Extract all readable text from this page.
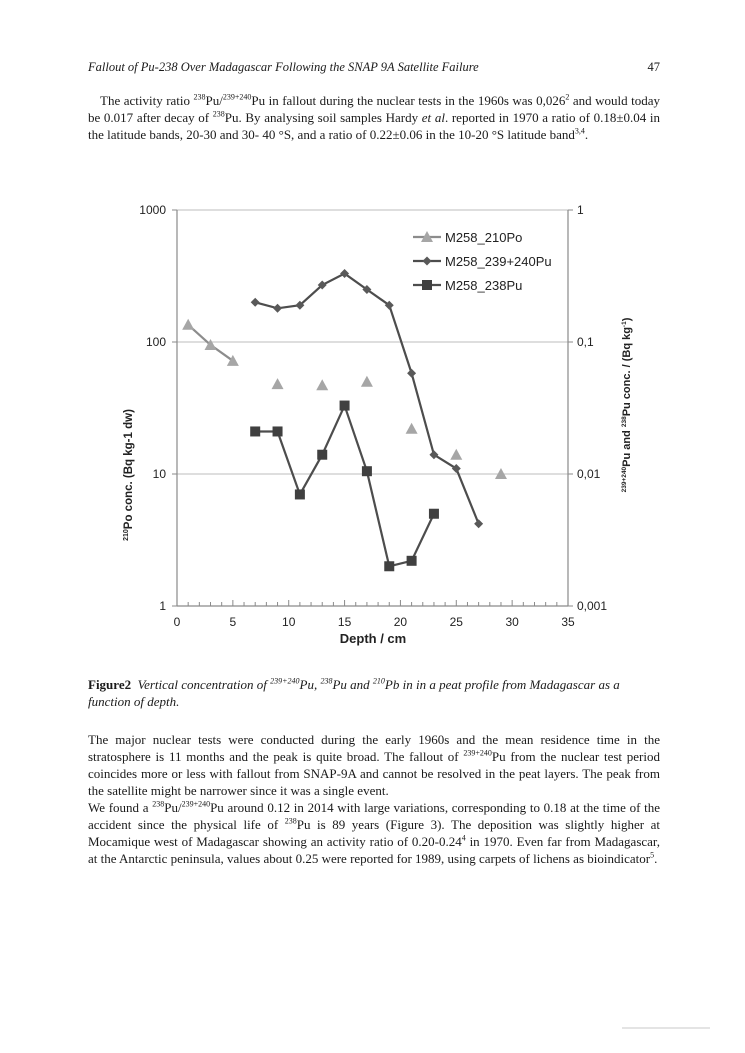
Fallout of Pu-238 Over Madagascar Following the SNAP 9A Satellite Failure	47
The activity ratio $^{238}$Pu/$^{239+240}$Pu in fallout during the nuclear tests in the 1960s was 0,026$^2$ and would today be 0.017 after decay of $^{238}$Pu. By analysing soil samples Hardy et al. reported in 1970 a ratio of 0.18±0.04 in the latitude bands, 20-30 and 30- 40 °S, and a ratio of 0.22±0.06 in the 10-20 °S latitude band$^{3,4}$.
0	5	10	15	20	25	30	35
1
10
100
1000
0,001
0,01
0,1
1
M258_210Po
M258_239+240Pu
M258_238Pu
Depth / cm
$^{210}$Po conc. (Bq kg-1 dw)	$^{239+240}$Pu and $^{238}$Pu conc. / (Bq $kg^{-1}$)
Figure2 Vertical concentration of $^{239+240}$Pu, $^{238}$Pu and $^{210}$Pb in in a peat profile from Madagascar as a function of depth.
The major nuclear tests were conducted during the early 1960s and the mean residence time in the stratosphere is 11 months and the peak is quite broad. The fallout of $^{239+240}$Pu from the nuclear test period coincides more or less with fallout from SNAP-9A and cannot be resolved in the peat layers. The peak from the satellite might be narrower since it was a single event.
We found a $^{238}$Pu/$^{239+240}$Pu around 0.12 in 2014 with large variations, corresponding to 0.18 at the time of the accident since the physical life of $^{238}$Pu is 89 years (Figure 3). The deposition was slightly higher at Mocamique west of Madagascar showing an activity ratio of 0.20-0.24$^4$ in 1970. Even far from Madagascar, at the Antarctic peninsula, values about 0.25 were reported for 1989, using carpets of lichens as bioindicator$^5$.
